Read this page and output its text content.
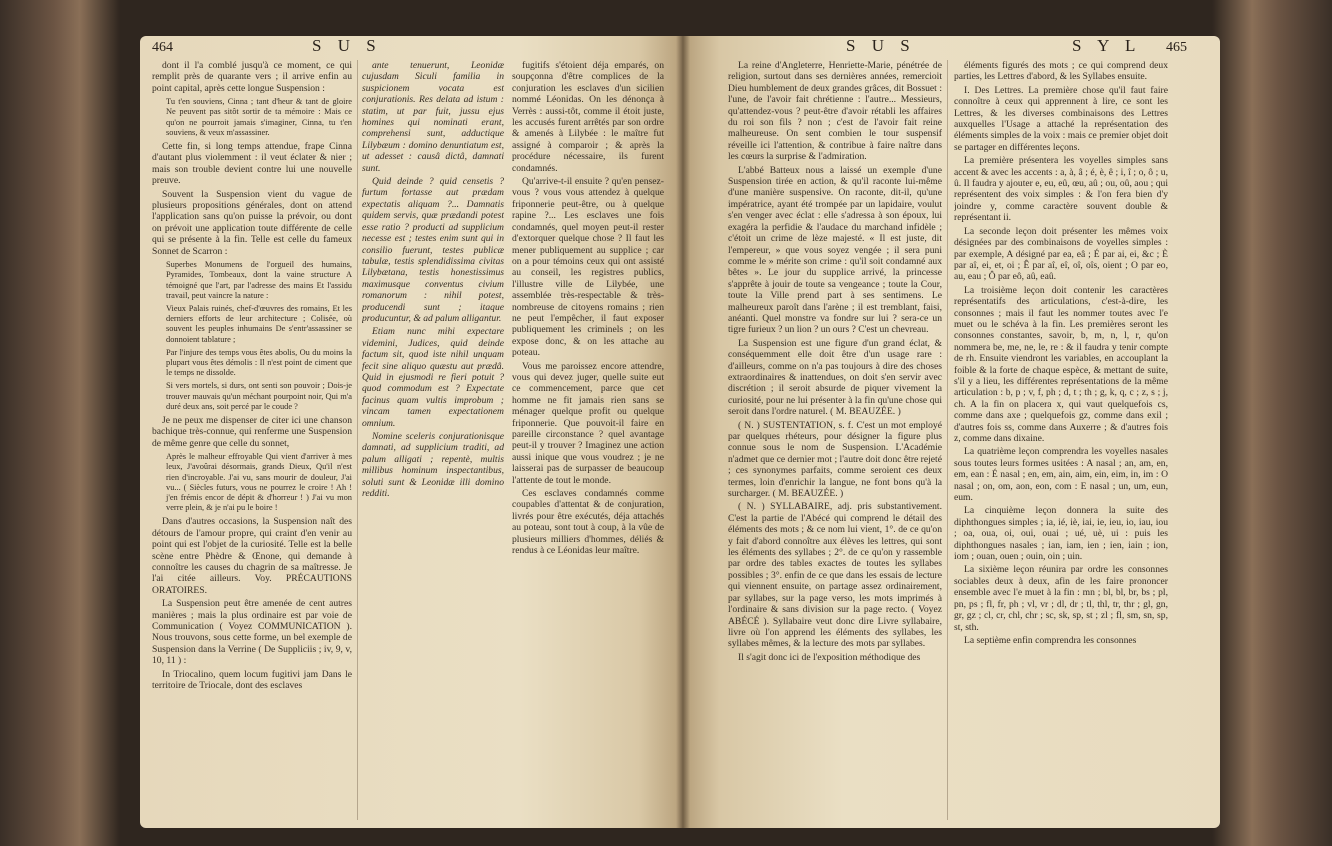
464	S U S	S U S	S Y L 465

dont il l'a comblé jusqu'à ce moment, ce qui remplit près de quarante vers ; il arrive enfin au point capital, après cette longue Suspension :

Tu t'en souviens, Cinna ; tant d'heur & tant de gloire Ne peuvent pas sitôt sortir de ta mémoire : Mais ce qu'on ne pourroit jamais s'imaginer, Cinna, tu t'en souviens, & veux m'assassiner.

Cette fin, si long temps attendue, frape Cinna d'autant plus violemment : il veut éclater & nier ; mais son trouble devient contre lui une nouvelle preuve.

Souvent la Suspension vient du vague de plusieurs propositions générales, dont on attend l'application sans qu'on puisse la prévoir, ou dont on prévoit une application toute différente de celle qui se présente à la fin. Telle est celle du fameux Sonnet de Scarron :

Superbes Monumens de l'orgueil des humains, Pyramides, Tombeaux, dont la vaine structure A témoigné que l'art, par l'adresse des mains Et l'assidu travail, peut vaincre la nature :

Vieux Palais ruinés, chef-d'œuvres des romains, Et les derniers efforts de leur architecture ; Colisée, où souvent les peuples inhumains De s'entr'assassiner se donnoient tablature ;

Par l'injure des temps vous êtes abolis, Ou du moins la plupart vous êtes démolis : Il n'est point de ciment que le temps ne dissolde.

Si vers mortels, si durs, ont senti son pouvoir ; Dois-je trouver mauvais qu'un méchant pourpoint noir, Qui m'a duré deux ans, soit percé par le coude ?

Je ne peux me dispenser de citer ici une chanson bachique très-connue, qui renferme une Suspension de même genre que celle du sonnet,

Après le malheur effroyable Qui vient d'arriver à mes leux, J'avoûrai désormais, grands Dieux, Qu'il n'est rien d'incroyable. J'ai vu, sans mourir de douleur, J'ai vu... ( Siècles futurs, vous ne pourrez le croire ! Ah ! j'en frémis encor de dépit & d'horreur ! ) J'ai vu mon verre plein, & je n'ai pu le boire !

Dans d'autres occasions, la Suspension naît des détours de l'amour propre, qui craint d'en venir au point qui est l'objet de la curiosité. Telle est la belle scène entre Phèdre & Œnone, qui demande à connoître les causes du chagrin de sa maîtresse. Je l'ai citée ailleurs. Voy. PRÉCAUTIONS ORATOIRES.

La Suspension peut être amenée de cent autres manières ; mais la plus ordinaire est par voie de Communication ( Voyez COMMUNICATION ). Nous trouvons, sous cette forme, un bel exemple de Suspension dans la Verrine ( De Suppliciis ; iv, 9, v, 10, 11 ) :

In Triocalino, quem locum fugitivi jam Dans le territoire de Triocale, dont des esclaves

ante tenuerunt, Leonidæ cujusdam Siculi familia in suspicionem vocata est conjurationis. Res delata ad istum : statim, ut par fuit, jussu ejus homines qui nominati erant, comprehensi sunt, adductique Lilybæum : domino denuntiatum est, ut adesset : causâ dictâ, damnati sunt.

Quid deinde ? quid censetis ? furtum fortasse aut prædam expectatis aliquam ?... Damnatis quidem servis, quæ prædandi potest esse ratio ? producti ad supplicium necesse est ; testes enim sunt qui in consilio fuerunt, testes publicæ tabulæ, testis splendidissima civitas Lilybætana, testis honestissimus maximusque conventus civium romanorum : nihil potest, producendi sunt ; itaque producuntur, & ad palum alligantur.

Etiam nunc mihi expectare videmini, Judices, quid deinde factum sit, quod iste nihil unquam fecit sine aliquo quæstu aut prædâ. Quid in ejusmodi re fieri potuit ? quod commodum est ? Expectate facinus quam vultis improbum ; vincam tamen expectationem omnium.

Nomine sceleris conjurationisque damnati, ad supplicium traditi, ad palum alligati ; repentè, multis millibus hominum inspectantibus, soluti sunt & Leonidæ illi domino redditi.

fugitifs s'étoient déja emparés, on soupçonna d'être complices de la conjuration les esclaves d'un sicilien nommé Léonidas. On les dénonça à Verrès : aussi-tôt, comme il étoit juste, les accusés furent arrêtés par son ordre & amenés à Lilybée : le maître fut assigné à comparoir ; & après la procédure nécessaire, ils furent condamnés.

Qu'arrive-t-il ensuite ? qu'en pensez-vous ? vous vous attendez à quelque friponnerie peut-être, ou à quelque rapine ?... Les esclaves une fois condamnés, quel moyen peut-il rester d'extorquer quelque chose ? Il faut les mener publiquement au supplice ; car on a pour témoins ceux qui ont assisté au conseil, les registres publics, l'illustre ville de Lilybée, une assemblée très-respectable & très-nombreuse de citoyens romains ; rien ne peut l'empêcher, il faut exposer publiquement les criminels ; on les expose donc, & on les attache au poteau.

Vous me paroissez encore attendre, vous qui devez juger, quelle suite eut ce commencement, parce que cet homme ne fit jamais rien sans se ménager quelque profit ou quelque friponnerie. Que pouvoit-il faire en pareille circonstance ? quel avantage peut-il y trouver ? Imaginez une action aussi inique que vous voudrez ; je ne laisserai pas de surpasser de beaucoup l'attente de tout le monde.

Ces esclaves condamnés comme coupables d'attentat & de conjuration, livrés pour être exécutés, déja attachés au poteau, sont tout à coup, à la vûe de plusieurs milliers d'hommes, déliés & rendus à ce Léonidas leur maître.

La reine d'Angleterre, Henriette-Marie, pénétrée de religion, surtout dans ses dernières années, remercioit Dieu humblement de deux grandes grâces, dit Bossuet : l'une, de l'avoir fait chrétienne : l'autre... Messieurs, qu'attendez-vous ? peut-être d'avoir rétabli les affaires du roi son fils ? non ; c'est de l'avoir fait reine malheureuse. On sent combien le tour suspensif réveille ici l'attention, & contribue à faire naître dans les cœurs la surprise & l'admiration.

L'abbé Batteux nous a laissé un exemple d'une Suspension tirée en action, & qu'il raconte lui-même d'une manière suspensive. On raconte, dit-il, qu'une impératrice, ayant été trompée par un lapidaire, voulut s'en venger avec éclat : elle s'adressa à son époux, lui exagéra la perfidie & l'audace du marchand infidèle ; c'étoit un crime de lèze majesté. « Il est juste, dit l'empereur, » que vous soyez vengée ; il sera puni comme le » mérite son crime : qu'il soit condamné aux bêtes ». Le jour du supplice arrivé, la princesse s'apprête à jouir de toute sa vengeance ; toute la Cour, toute la Ville prend part à ses sentimens. Le malheureux paroît dans l'arène ; il est tremblant, faisi, anéanti. Quel monstre va fondre sur lui ? sera-ce un tigre furieux ? un lion ? un ours ? C'est un chevreau.

La Suspension est une figure d'un grand éclat, & conséquemment elle doit être d'un usage rare : d'ailleurs, comme on n'a pas toujours à dire des choses extraordinaires & inattendues, on doit s'en servir avec discrétion ; il seroit absurde de piquer vivement la curiosité, pour ne lui présenter à la fin qu'une chose qui seroit dans l'ordre naturel. ( M. BEAUZÉE. )

( N. ) SUSTENTATION, s. f. C'est un mot employé par quelques rhéteurs, pour désigner la figure plus connue sous le nom de Suspension. L'Académie n'admet que ce dernier mot ; l'autre doit donc être rejeté ; ces synonymes parfaits, comme seroient ces deux termes, loin d'enrichir la langue, ne font bons qu'à la surcharger. ( M. BEAUZÉE. )

( N. ) SYLLABAIRE, adj. pris substantivement. C'est la partie de l'Abécé qui comprend le détail des éléments des mots ; & ce nom lui vient, 1°. de ce qu'on y fait d'abord connoître aux élèves les lettres, qui sont les éléments des syllabes ; 2°. de ce qu'on y rassemble par ordre des tables exactes de toutes les syllabes possibles ; 3°. enfin de ce que dans les essais de lecture qui viennent ensuite, on partage assez ordinairement, par syllabes, sur la page verso, les mots imprimés à l'ordinaire & sans division sur la page recto. ( Voyez ABÉCÉ ). Syllabaire veut donc dire Livre syllabaire, livre où l'on apprend les éléments des syllabes, les syllabes mêmes, & la lecture des mots par syllabes.

Il s'agit donc ici de l'exposition méthodique des

éléments figurés des mots ; ce qui comprend deux parties, les Lettres d'abord, & les Syllabes ensuite.

I. Des Lettres. La première chose qu'il faut faire connoître à ceux qui apprennent à lire, ce sont les Lettres, & les diverses combinaisons des Lettres auxquelles l'Usage a attaché la représentation des éléments simples de la voix : mais ce premier objet doit se partager en différentes leçons.

La première présentera les voyelles simples sans accent & avec les accents : a, à, â ; é, è, ê ; i, î ; o, ô ; u, û. Il faudra y ajouter e, eu, eû, œu, aû ; ou, oû, aou ; qui représentent des voix simples : & l'on fera bien d'y joindre y, comme caractère souvent double & représentant ii.

La seconde leçon doit présenter les mêmes voix désignées par des combinaisons de voyelles simples : par exemple, A désigné par ea, eâ ; É par ai, ei, &c ; È par aî, ei, et, oi ; Ê par aî, eî, oî, oîs, oient ; O par eo, au, eau ; Ô par eô, aû, eaû.

La troisième leçon doit contenir les caractères représentatifs des articulations, c'est-à-dire, les consonnes ; mais il faut les nommer toutes avec l'e muet ou le schéva à la fin. Les premières seront les consonnes constantes, savoir, b, m, n, l, r, qu'on nommera be, me, ne, le, re : & il faudra y tenir compte de rh. Ensuite viendront les variables, en accouplant la foible & la forte de chaque espèce, & mettant de suite, s'il y a lieu, les différentes représentations de la même articulation : b, p ; v, f, ph ; d, t ; th ; g, k, q, c ; z, s ; j, ch. A la fin on placera x, qui vaut quelquefois cs, comme dans axe ; quelquefois gz, comme dans exil ; d'autres fois ss, comme dans Auxerre ; & d'autres fois z, comme dans dixaine.

La quatrième leçon comprendra les voyelles nasales sous toutes leurs formes usitées : A nasal ; an, am, en, em, ean : É nasal ; en, em, ain, aim, ein, eim, in, im : O nasal ; on, om, aon, eon, com : E nasal ; un, um, eun, eum.

La cinquième leçon donnera la suite des diphthongues simples ; ia, ié, iè, iai, ie, ieu, io, iau, iou ; oa, oua, oi, oui, ouai ; ué, uè, ui : puis les diphthongues nasales ; ian, iam, ien ; ien, iain ; ion, iom ; ouan, ouen ; ouin, oin ; uin.

La sixième leçon réunira par ordre les consonnes sociables deux à deux, afin de les faire prononcer ensemble avec l'e muet à la fin : mn ; bl, bl, br, bs ; pl, pn, ps ; fl, fr, ph ; vl, vr ; dl, dr ; tl, thl, tr, thr ; gl, gn, gr, gz ; cl, cr, chl, chr ; sc, sk, sp, st ; zl ; fl, sm, sn, sp, st, sth.

La septième enfin comprendra les consonnes
